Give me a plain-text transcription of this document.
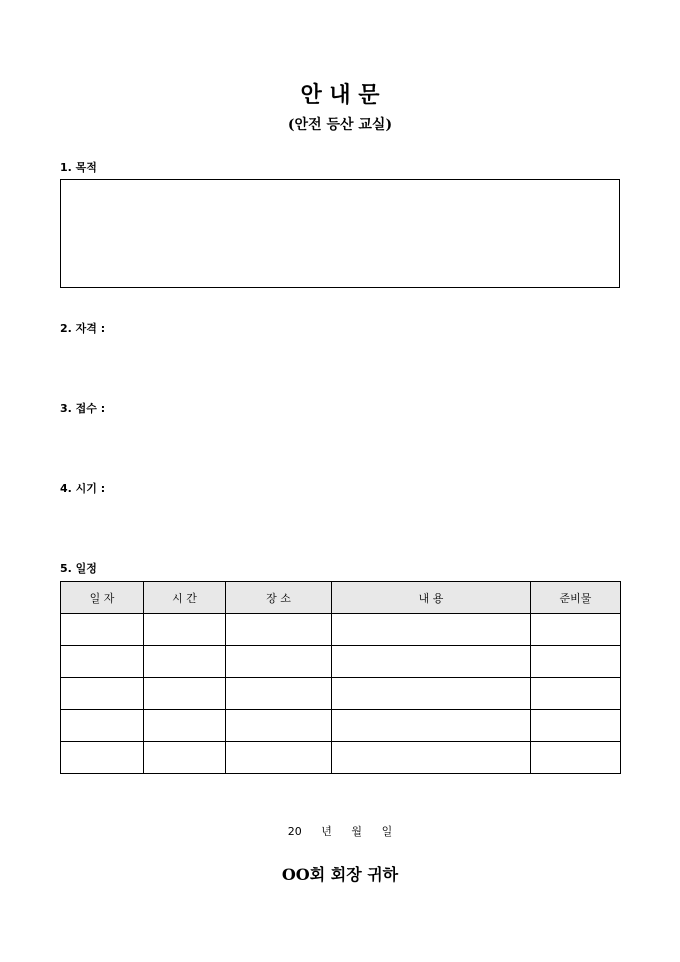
안 내 문
(안전 등산 교실)
1. 목적
2. 자격 :
3. 접수 :
4. 시기 :
5. 일정
일 자	시 간	장 소	내 용	준비물

20 년 월 일
OO회 회장 귀하
